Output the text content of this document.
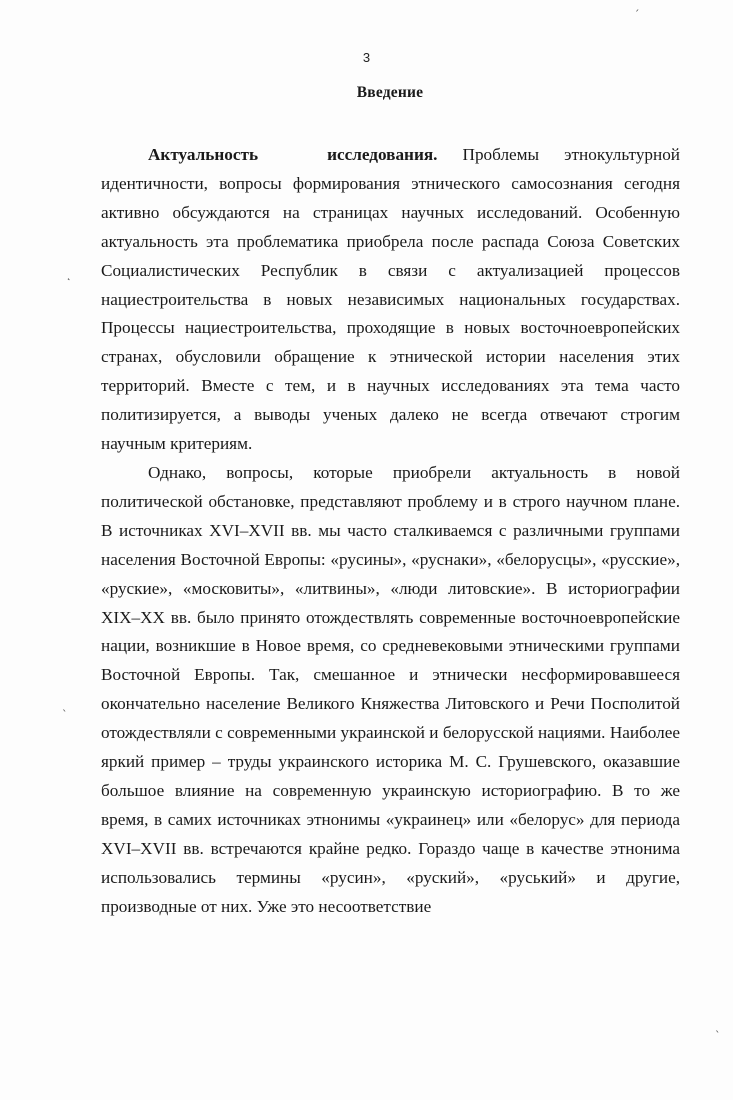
3
Введение

Актуальность исследования. Проблемы этнокультурной идентичности, вопросы формирования этнического самосознания сегодня активно обсуждаются на страницах научных исследований. Особенную актуальность эта проблематика приобрела после распада Союза Советских Социалистических Республик в связи с актуализацией процессов нациестроительства в новых независимых национальных государствах. Процессы нациестроительства, проходящие в новых восточноевропейских странах, обусловили обращение к этнической истории населения этих территорий. Вместе с тем, и в научных исследованиях эта тема часто политизируется, а выводы ученых далеко не всегда отвечают строгим научным критериям.

Однако, вопросы, которые приобрели актуальность в новой политической обстановке, представляют проблему и в строго научном плане. В источниках XVI–XVII вв. мы часто сталкиваемся с различными группами населения Восточной Европы: «русины», «руснаки», «белорусцы», «русские», «руские», «московиты», «литвины», «люди литовские». В историографии XIX–XX вв. было принято отождествлять современные восточноевропейские нации, возникшие в Новое время, со средневековыми этническими группами Восточной Европы. Так, смешанное и этнически несформировавшееся окончательно население Великого Княжества Литовского и Речи Посполитой отождествляли с современными украинской и белорусской нациями. Наиболее яркий пример – труды украинского историка М. С. Грушевского, оказавшие большое влияние на современную украинскую историографию. В то же время, в самих источниках этнонимы «украинец» или «белорус» для периода XVI–XVII вв. встречаются крайне редко. Гораздо чаще в качестве этнонима использовались термины «русин», «руский», «руський» и другие, производные от них. Уже это несоответствие

˛
ˋ
ˊ
ˎ
